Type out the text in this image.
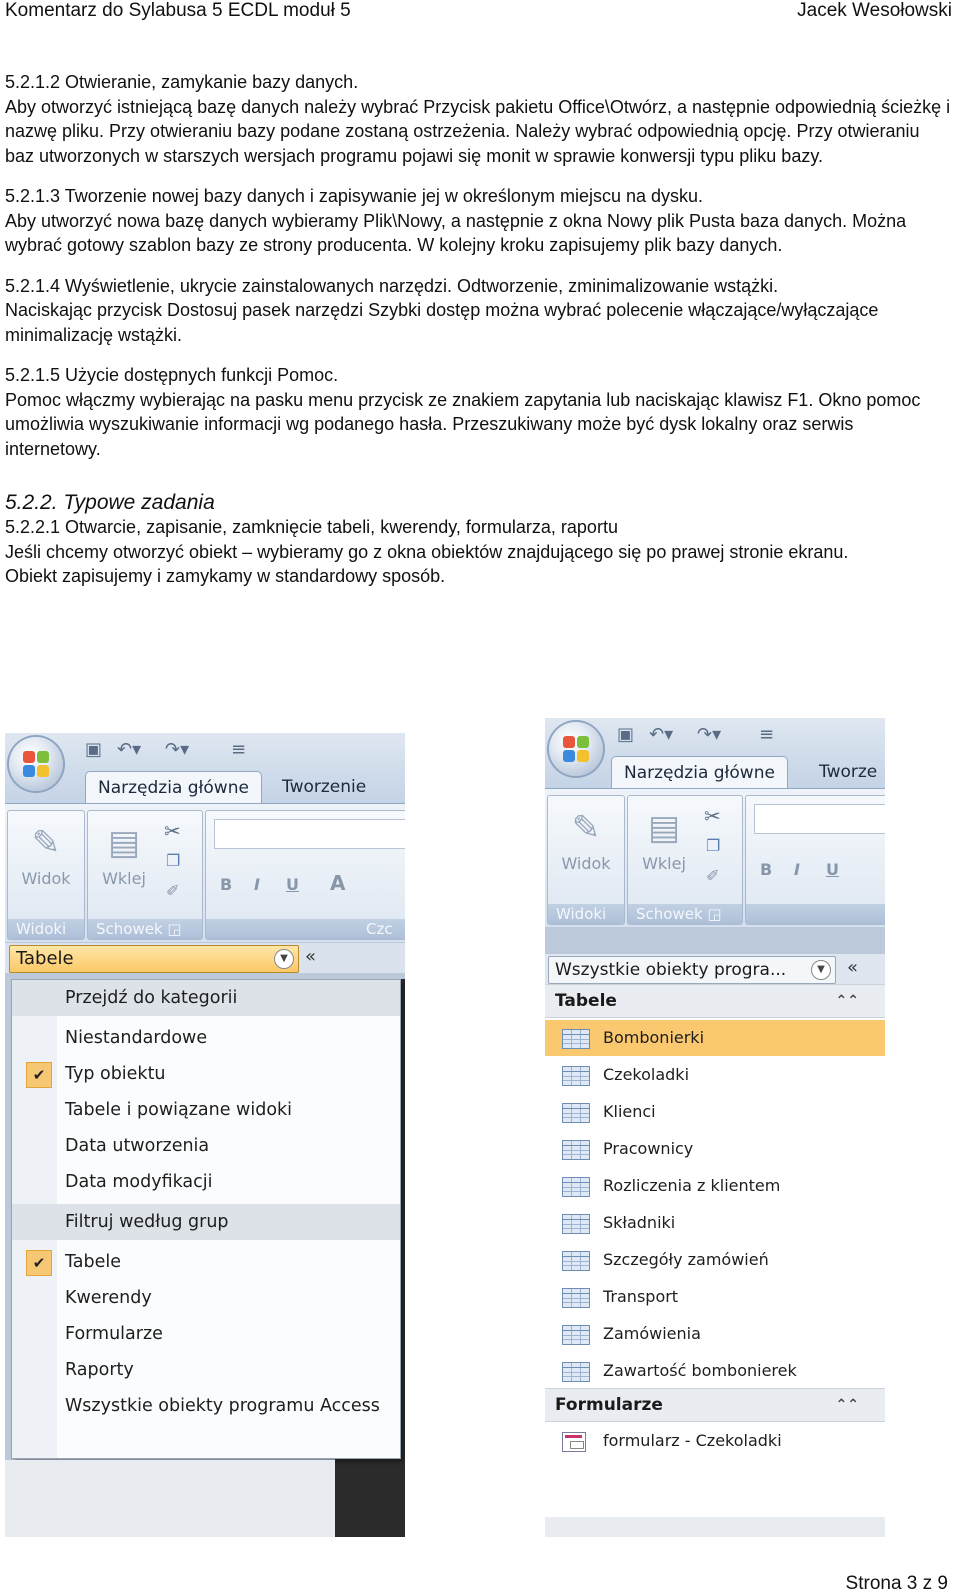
Komentarz do Sylabusa 5 ECDL moduł 5	Jacek Wesołowski

5.2.1.2 Otwieranie, zamykanie bazy danych.

Aby otworzyć istniejącą bazę danych należy wybrać Przycisk pakietu Office\Otwórz, a następnie odpowiednią ścieżkę i nazwę pliku. Przy otwieraniu bazy podane zostaną ostrzeżenia. Należy wybrać odpowiednią opcję. Przy otwieraniu baz utworzonych w starszych wersjach programu pojawi się monit w sprawie konwersji typu pliku bazy.

5.2.1.3 Tworzenie nowej bazy danych i zapisywanie jej w określonym miejscu na dysku.

Aby utworzyć nowa bazę danych wybieramy Plik\Nowy, a następnie z okna Nowy plik Pusta baza danych. Można wybrać gotowy szablon bazy ze strony producenta. W kolejny kroku zapisujemy plik bazy danych.

5.2.1.4 Wyświetlenie, ukrycie zainstalowanych narzędzi. Odtworzenie, zminimalizowanie wstążki.

Naciskając przycisk Dostosuj pasek narzędzi Szybki dostęp można wybrać polecenie włączające/wyłączające minimalizację wstążki.

5.2.1.5 Użycie dostępnych funkcji Pomoc.

Pomoc włączmy wybierając na pasku menu przycisk ze znakiem zapytania lub naciskając klawisz F1. Okno pomoc umożliwia wyszukiwanie informacji wg podanego hasła. Przeszukiwany może być dysk lokalny oraz serwis internetowy.

5.2.2. Typowe zadania

5.2.2.1 Otwarcie, zapisanie, zamknięcie tabeli, kwerendy, formularza, raportu

Jeśli chcemy otworzyć obiekt – wybieramy go z okna obiektów znajdującego się po prawej stronie ekranu.

Obiekt zapisujemy i zamykamy w standardowy sposób.

▣ ↶▾ ↷▾ ≡
Narzędzia główne	Tworzenie
✎
Widok
Widoki
▤
Wklej
✂
❐
✐
Schowek ◲
B I U A
Czc
Tabele	▼ «
Przejdź do kategorii
Niestandardowe
✔	Typ obiektu
Tabele i powiązane widoki
Data utworzenia
Data modyfikacji
Filtruj według grup
✔	Tabele
Kwerendy
Formularze
Raporty
Wszystkie obiekty programu Access
▣ ↶▾ ↷▾ ≡
Narzędzia główne	Tworze
✎
Widok
Widoki
▤
Wklej
✂
❐
✐
Schowek ◲
B I U
Wszystkie obiekty progra...	▼	«
Tabele	⌃⌃
Bombonierki
Czekoladki
Klienci
Pracownicy
Rozliczenia z klientem
Składniki
Szczegóły zamówień
Transport
Zamówienia
Zawartość bombonierek
Formularze	⌃⌃
formularz - Czekoladki
Strona 3 z 9
